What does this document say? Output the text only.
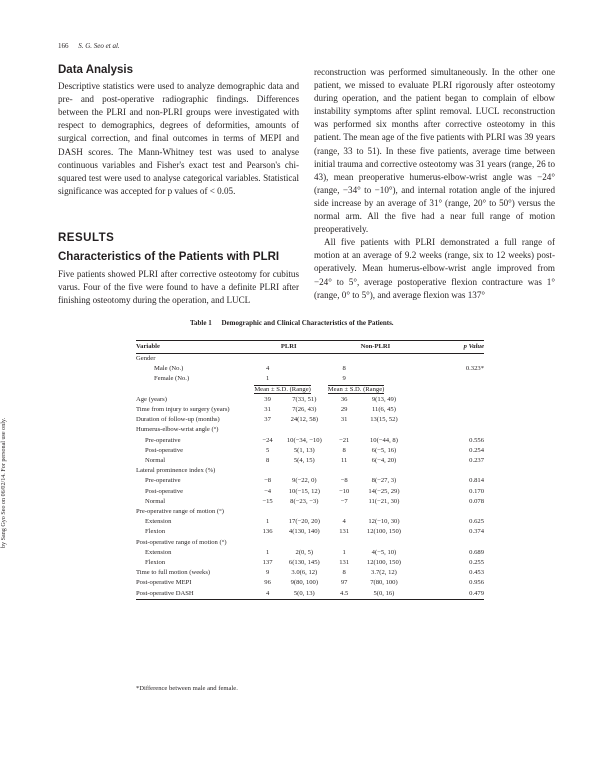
166 S. G. Seo et al.

by Sang Gyo Seo on 06/02/14. For personal use only.
Data Analysis

Descriptive statistics were used to analyze demographic data and pre- and post-operative radiographic findings. Differences between the PLRI and non-PLRI groups were investigated with respect to demographics, degrees of deformities, amounts of surgical correction, and final outcomes in terms of MEPI and DASH scores. The Mann-Whitney test was used to analyse continuous variables and Fisher's exact test and Pearson's chi-squared test were used to analyse categorical variables. Statistical significance was accepted for p values of < 0.05.

RESULTS
Characteristics of the Patients with PLRI

Five patients showed PLRI after corrective osteotomy for cubitus varus. Four of the five were found to have a definite PLRI after finishing osteotomy during the operation, and LUCL

reconstruction was performed simultaneously. In the other one patient, we missed to evaluate PLRI rigorously after osteotomy during operation, and the patient began to complain of elbow instability symptoms after splint removal. LUCL reconstruction was performed six months after corrective osteotomy in this patient. The mean age of the five patients with PLRI was 39 years (range, 33 to 51). In these five patients, average time between initial trauma and corrective osteotomy was 31 years (range, 26 to 43), mean preoperative humerus-elbow-wrist angle was −24° (range, −34° to −10°), and internal rotation angle of the injured side increase by an average of 31° (range, 20° to 50°) versus the normal arm. All the five had a near full range of motion preoperatively.

All five patients with PLRI demonstrated a full range of motion at an average of 9.2 weeks (range, six to 12 weeks) post-operatively. Mean humerus-elbow-wrist angle improved from −24° to 5°, average postoperative flexion contracture was 1° (range, 0° to 5°), and average flexion was 137°

Table 1 Demographic and Clinical Characteristics of the Patients.
Variable		PLRI		Non-PLRI	p Value
Gender					
Male (No.)	4		8		0.323*
Female (No.)	1		9		
	Mean ± S.D. (Range)		Mean ± S.D. (Range)		
Age (years)	39	7(33, 51)	36	9(13, 49)	
Time from injury to surgery (years)	31	7(26, 43)	29	11(6, 45)	
Duration of follow-up (months)	37	24(12, 58)	31	13(15, 52)	
Humerus-elbow-wrist angle (°)					
Pre-operative	−24	10(−34, −10)	−21	10(−44, 8)	0.556
Post-operative	5	5(1, 13)	8	6(−5, 16)	0.254
Normal	8	5(4, 15)	11	6(−4, 20)	0.237
Lateral prominence index (%)					
Pre-operative	−8	9(−22, 0)	−8	8(−27, 3)	0.814
Post-operative	−4	10(−15, 12)	−10	14(−25, 29)	0.170
Normal	−15	8(−23, −3)	−7	11(−21, 30)	0.078
Pre-operative range of motion (°)					
Extension	1	17(−20, 20)	4	12(−10, 30)	0.625
Flexion	136	4(130, 140)	131	12(100, 150)	0.374
Post-operative range of motion (°)					
Extension	1	2(0, 5)	1	4(−5, 10)	0.689
Flexion	137	6(130, 145)	131	12(100, 150)	0.255
Time to full motion (weeks)	9	3.0(6, 12)	8	3.7(2, 12)	0.453
Post-operative MEPI	96	9(80, 100)	97	7(80, 100)	0.956
Post-operative DASH	4	5(0, 13)	4.5	5(0, 16)	0.479
*Difference between male and female.
